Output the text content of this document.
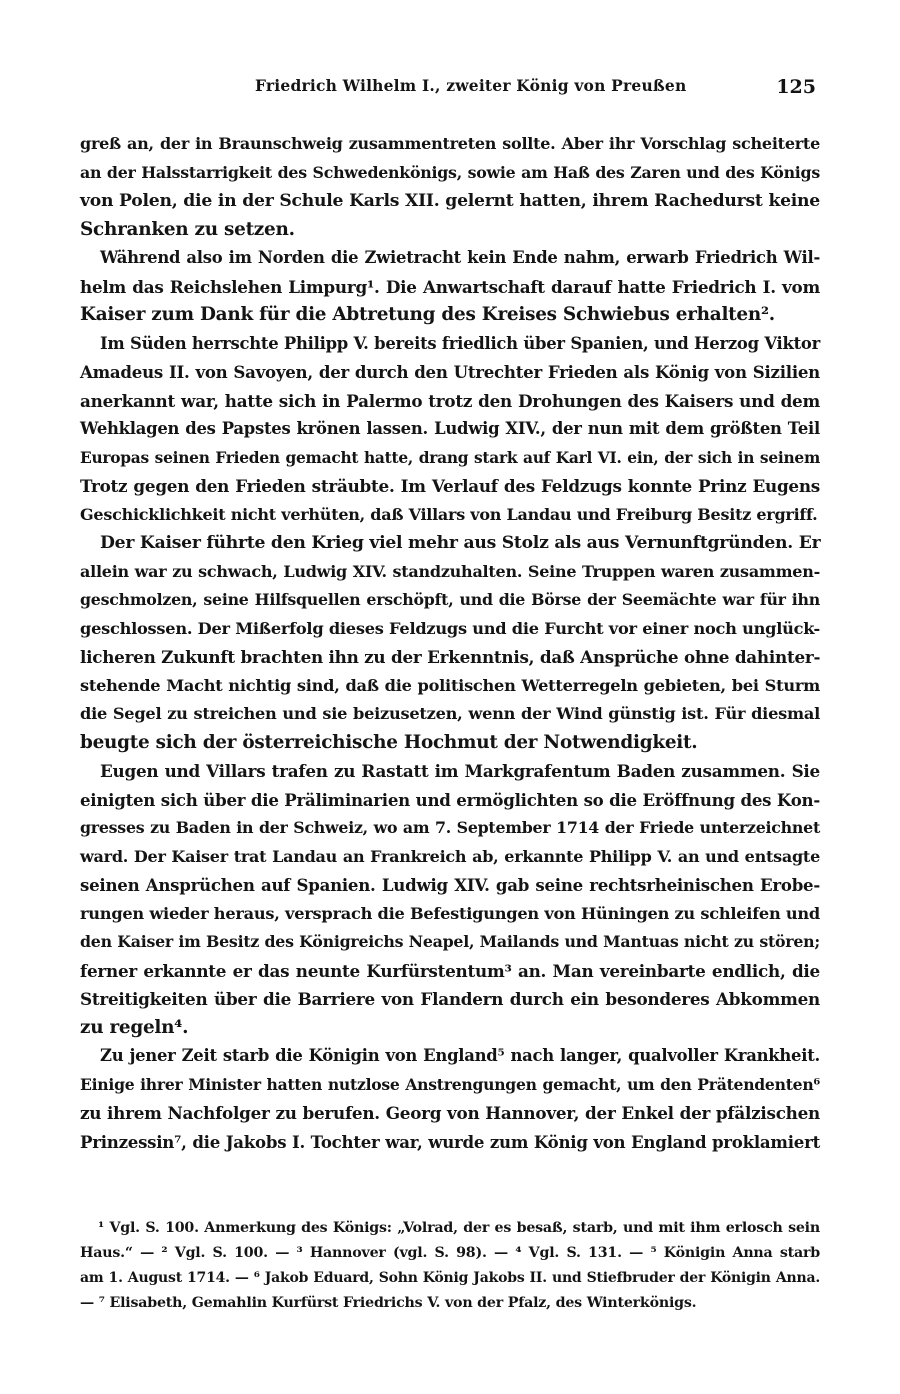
Friedrich Wilhelm I., zweiter König von Preußen	125
greß an, der in Braunschweig zusammentreten sollte. Aber ihr Vorschlag scheiterte
an der Halsstarrigkeit des Schwedenkönigs, sowie am Haß des Zaren und des Königs
von Polen, die in der Schule Karls XII. gelernt hatten, ihrem Rachedurst keine
Schranken zu setzen.
Während also im Norden die Zwietracht kein Ende nahm, erwarb Friedrich Wil-
helm das Reichslehen Limpurg¹. Die Anwartschaft darauf hatte Friedrich I. vom
Kaiser zum Dank für die Abtretung des Kreises Schwiebus erhalten².
Im Süden herrschte Philipp V. bereits friedlich über Spanien, und Herzog Viktor
Amadeus II. von Savoyen, der durch den Utrechter Frieden als König von Sizilien
anerkannt war, hatte sich in Palermo trotz den Drohungen des Kaisers und dem
Wehklagen des Papstes krönen lassen. Ludwig XIV., der nun mit dem größten Teil
Europas seinen Frieden gemacht hatte, drang stark auf Karl VI. ein, der sich in seinem
Trotz gegen den Frieden sträubte. Im Verlauf des Feldzugs konnte Prinz Eugens
Geschicklichkeit nicht verhüten, daß Villars von Landau und Freiburg Besitz ergriff.
Der Kaiser führte den Krieg viel mehr aus Stolz als aus Vernunftgründen. Er
allein war zu schwach, Ludwig XIV. standzuhalten. Seine Truppen waren zusammen-
geschmolzen, seine Hilfsquellen erschöpft, und die Börse der Seemächte war für ihn
geschlossen. Der Mißerfolg dieses Feldzugs und die Furcht vor einer noch unglück-
licheren Zukunft brachten ihn zu der Erkenntnis, daß Ansprüche ohne dahinter-
stehende Macht nichtig sind, daß die politischen Wetterregeln gebieten, bei Sturm
die Segel zu streichen und sie beizusetzen, wenn der Wind günstig ist. Für diesmal
beugte sich der österreichische Hochmut der Notwendigkeit.
Eugen und Villars trafen zu Rastatt im Markgrafentum Baden zusammen. Sie
einigten sich über die Präliminarien und ermöglichten so die Eröffnung des Kon-
gresses zu Baden in der Schweiz, wo am 7. September 1714 der Friede unterzeichnet
ward. Der Kaiser trat Landau an Frankreich ab, erkannte Philipp V. an und entsagte
seinen Ansprüchen auf Spanien. Ludwig XIV. gab seine rechtsrheinischen Erobe-
rungen wieder heraus, versprach die Befestigungen von Hüningen zu schleifen und
den Kaiser im Besitz des Königreichs Neapel, Mailands und Mantuas nicht zu stören;
ferner erkannte er das neunte Kurfürstentum³ an. Man vereinbarte endlich, die
Streitigkeiten über die Barriere von Flandern durch ein besonderes Abkommen
zu regeln⁴.
Zu jener Zeit starb die Königin von England⁵ nach langer, qualvoller Krankheit.
Einige ihrer Minister hatten nutzlose Anstrengungen gemacht, um den Prätendenten⁶
zu ihrem Nachfolger zu berufen. Georg von Hannover, der Enkel der pfälzischen
Prinzessin⁷, die Jakobs I. Tochter war, wurde zum König von England proklamiert
¹ Vgl. S. 100. Anmerkung des Königs: „Volrad, der es besaß, starb, und mit ihm erlosch sein
Haus.“ — ² Vgl. S. 100. — ³ Hannover (vgl. S. 98). — ⁴ Vgl. S. 131. — ⁵ Königin Anna starb
am 1. August 1714. — ⁶ Jakob Eduard, Sohn König Jakobs II. und Stiefbruder der Königin Anna.
— ⁷ Elisabeth, Gemahlin Kurfürst Friedrichs V. von der Pfalz, des Winterkönigs.
